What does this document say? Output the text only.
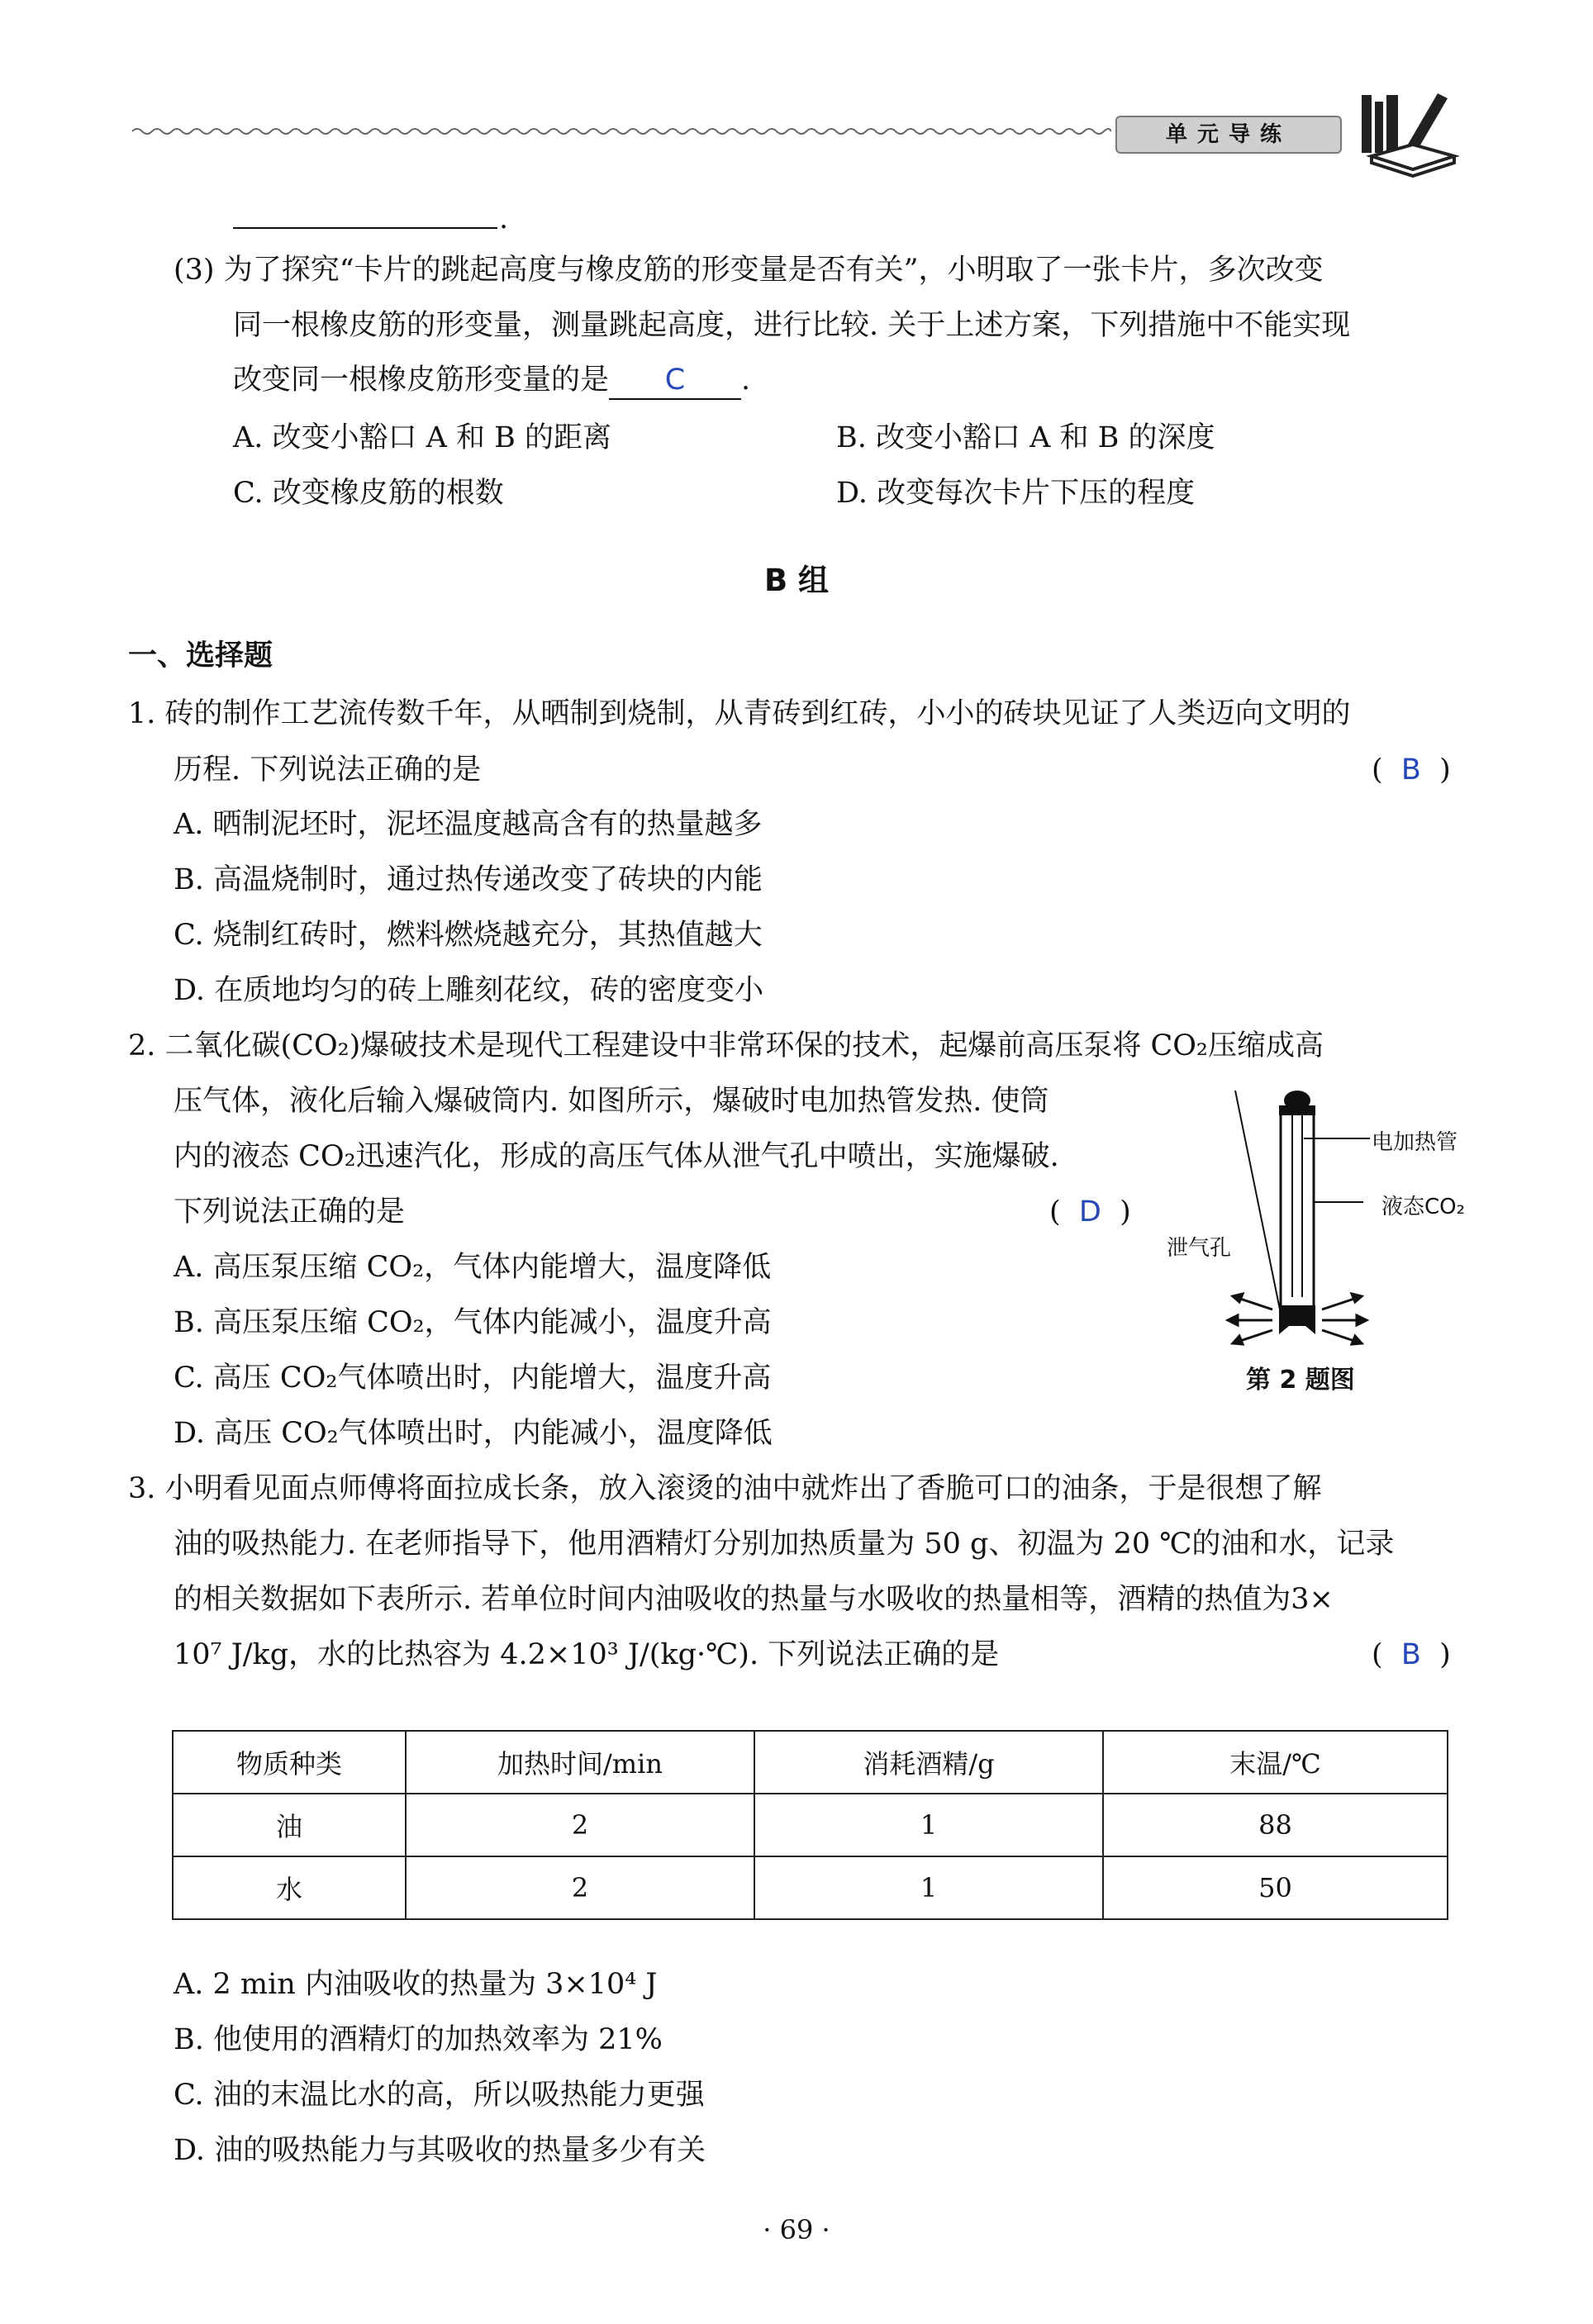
单元导练
.
(3) 为了探究“卡片的跳起高度与橡皮筋的形变量是否有关”，小明取了一张卡片，多次改变
同一根橡皮筋的形变量，测量跳起高度，进行比较. 关于上述方案，下列措施中不能实现
改变同一根橡皮筋形变量的是 C .
A. 改变小豁口 A 和 B 的距离	B. 改变小豁口 A 和 B 的深度
C. 改变橡皮筋的根数	D. 改变每次卡片下压的程度
B 组
一、选择题
1. 砖的制作工艺流传数千年，从晒制到烧制，从青砖到红砖，小小的砖块见证了人类迈向文明的
历程. 下列说法正确的是	(  B  )
A. 晒制泥坯时，泥坯温度越高含有的热量越多
B. 高温烧制时，通过热传递改变了砖块的内能
C. 烧制红砖时，燃料燃烧越充分，其热值越大
D. 在质地均匀的砖上雕刻花纹，砖的密度变小
2. 二氧化碳(CO₂)爆破技术是现代工程建设中非常环保的技术，起爆前高压泵将 CO₂压缩成高
压气体，液化后输入爆破筒内. 如图所示，爆破时电加热管发热. 使筒
内的液态 CO₂迅速汽化，形成的高压气体从泄气孔中喷出，实施爆破.
下列说法正确的是	(  D  )
A. 高压泵压缩 CO₂，气体内能增大，温度降低
B. 高压泵压缩 CO₂，气体内能减小，温度升高
C. 高压 CO₂气体喷出时，内能增大，温度升高
D. 高压 CO₂气体喷出时，内能减小，温度降低
电加热管
液态CO₂
泄气孔
第 2 题图
3. 小明看见面点师傅将面拉成长条，放入滚烫的油中就炸出了香脆可口的油条，于是很想了解
油的吸热能力. 在老师指导下，他用酒精灯分别加热质量为 50 g、初温为 20 ℃的油和水，记录
的相关数据如下表所示. 若单位时间内油吸收的热量与水吸收的热量相等，酒精的热值为3×
10⁷ J/kg，水的比热容为 4.2×10³ J/(kg·℃). 下列说法正确的是	(  B  )
物质种类	加热时间/min	消耗酒精/g	末温/℃
油	2	1	88
水	2	1	50
A. 2 min 内油吸收的热量为 3×10⁴ J
B. 他使用的酒精灯的加热效率为 21%
C. 油的末温比水的高，所以吸热能力更强
D. 油的吸热能力与其吸收的热量多少有关
· 69 ·
